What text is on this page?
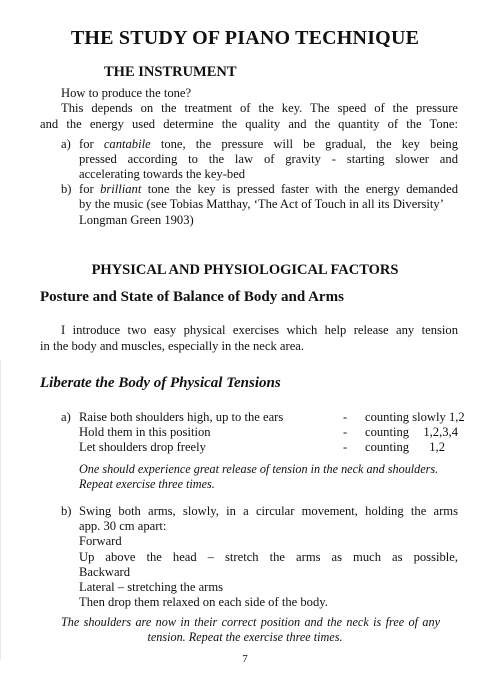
THE STUDY OF PIANO TECHNIQUE
THE INSTRUMENT
How to produce the tone?
This depends on the treatment of the key. The speed of the pressure
and the energy used determine the quality and the quantity of the Tone:
a) for cantabile tone, the pressure will be gradual, the key being
pressed according to the law of gravity - starting slower and
accelerating towards the key-bed
b) for brilliant tone the key is pressed faster with the energy demanded
by the music (see Tobias Matthay, ‘The Act of Touch in all its Diversity’
Longman Green 1903)
PHYSICAL AND PHYSIOLOGICAL FACTORS
Posture and State of Balance of Body and Arms
I introduce two easy physical exercises which help release any tension
in the body and muscles, especially in the neck area.
Liberate the Body of Physical Tensions
a) Raise both shoulders high, up to the ears	- counting slowly 1,2
Hold them in this position	- counting 1,2,3,4
Let shoulders drop freely	- counting 1,2
One should experience great release of tension in the neck and shoulders.
Repeat exercise three times.
b) Swing both arms, slowly, in a circular movement, holding the arms
app. 30 cm apart:
Forward
Up above the head – stretch the arms as much as possible,
Backward
Lateral – stretching the arms
Then drop them relaxed on each side of the body.
The shoulders are now in their correct position and the neck is free of any
tension. Repeat the exercise three times.
7
